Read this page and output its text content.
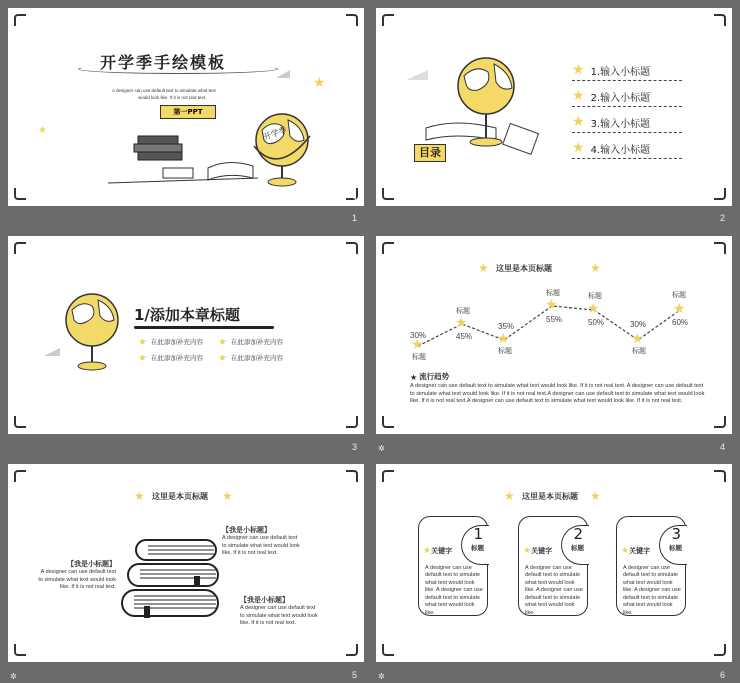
开学季手绘模板
A designer can use default text to simulate what text
would look like. If it is not real text.
第一PPT
★
★	开学季
1
1
目录
★ 1.输入小标题
★ 2.输入小标题
★ 3.输入小标题
★ 4.输入小标题
2
1/添加本章标题
★ 在此添加补充内容 ★ 在此添加补充内容
★ 在此添加补充内容 ★ 在此添加补充内容
3
★ 这里是本页标题	★
★
30%
标题
★
标题
45% ★
35%
标题
★
标题
55%
★
标题
50%
★
30%
标题
★
标题
60%
★ 流行趋势
A designer can use default text to simulate what text would look like. If it is not real text. A designer can use default text to simulate what text would look like. If it is not real text.A designer can use default text to simulate what text would look like. If it is not real text.A designer can use default text to simulate what text would look like. If it is not real text.
4
★ 这里是本页标题 ★
【我是小标题】
A designer can use default text to simulate what text would look like. If it is not real text.
【我是小标题】
A designer can use default text to simulate what text would look like. If it is not real text.
【我是小标题】
A designer can use default text to simulate what text would look like. If it is not real text.
5
★ 这里是本页标题 ★
1
标题
★ 关键字
A designer can use default text to simulate what text would look like. A designer can use default text to simulate what text would look like.
2
标题
★ 关键字
A designer can use default text to simulate what text would look like. A designer can use default text to simulate what text would look like.
3
标题
★ 关键字
A designer can use default text to simulate what text would look like. A designer can use default text to simulate what text would look like.
6
✲
✲	✲
